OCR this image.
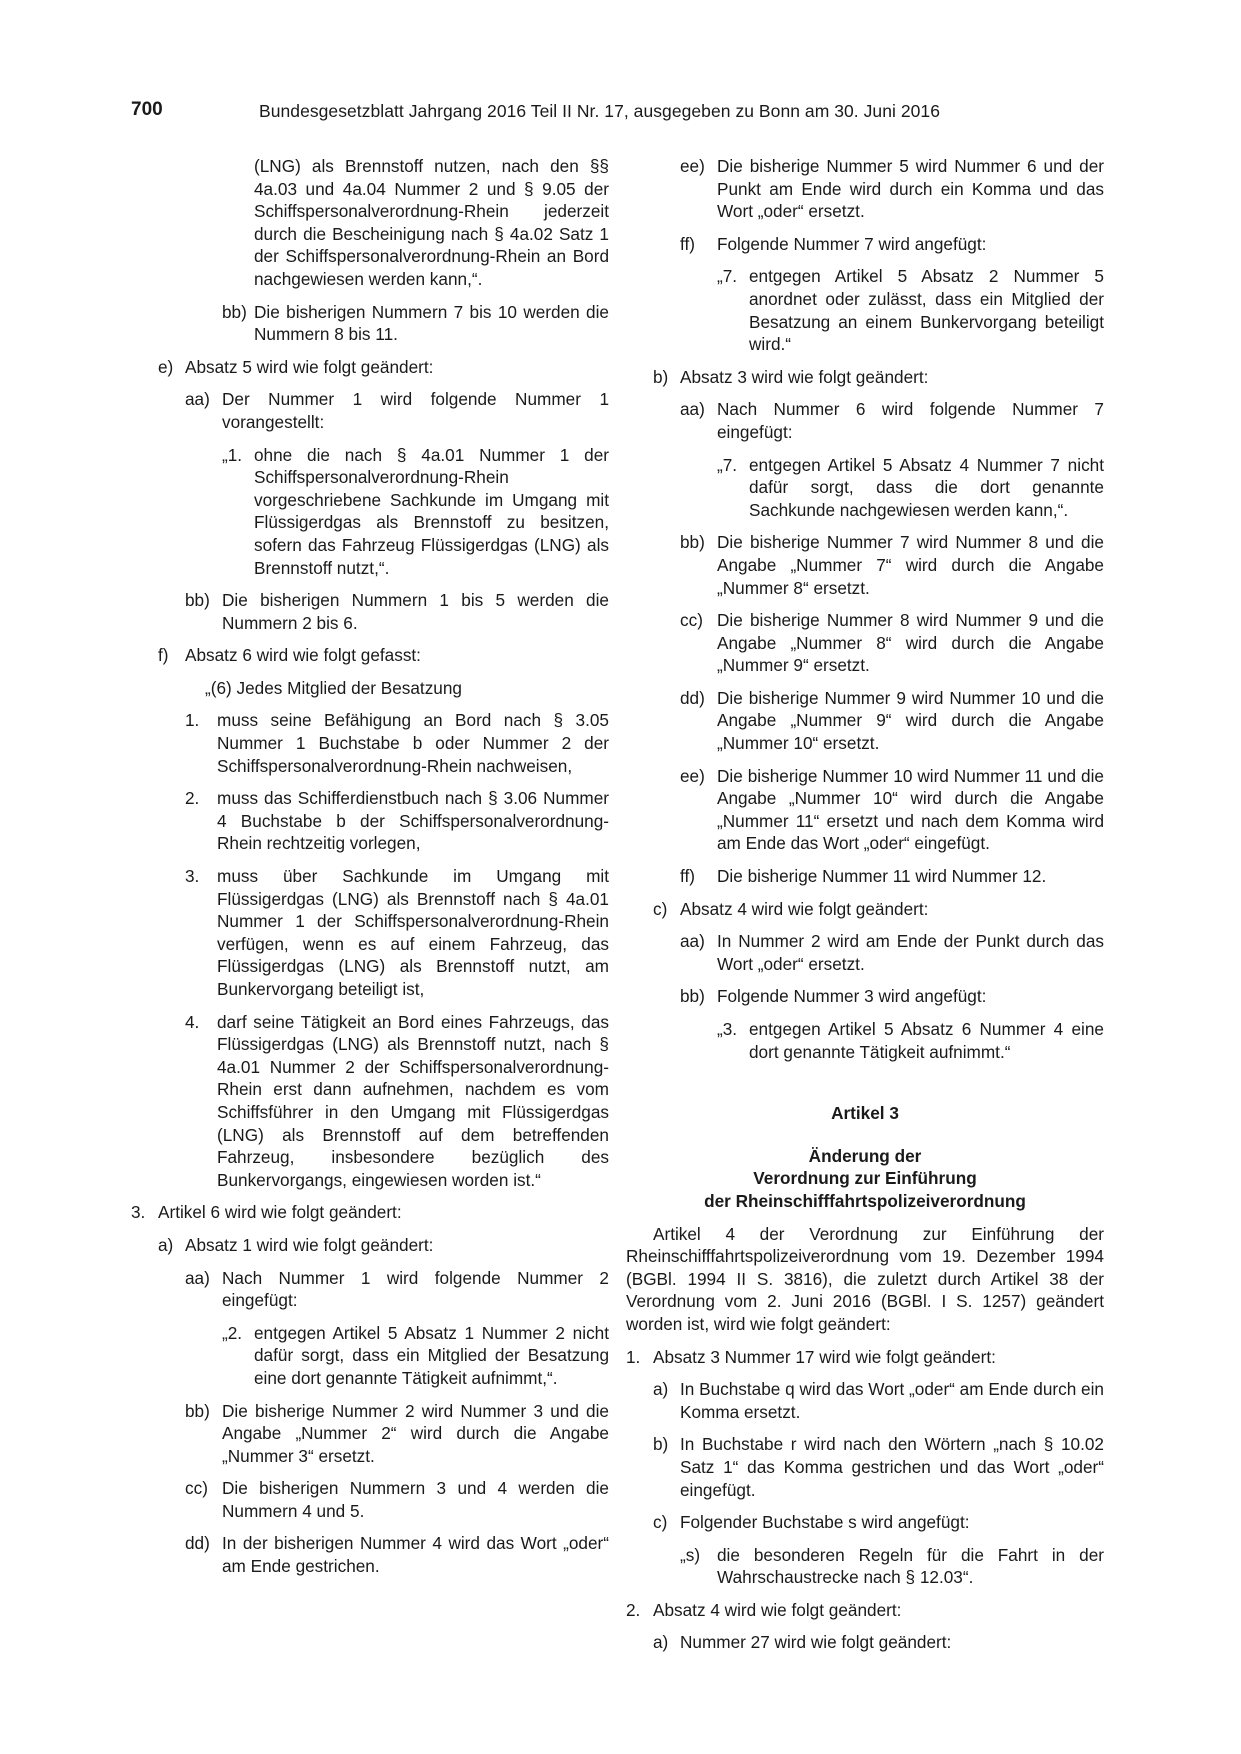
700	Bundesgesetzblatt Jahrgang 2016 Teil II Nr. 17, ausgegeben zu Bonn am 30. Juni 2016
(LNG) als Brennstoff nutzen, nach den §§ 4a.03 und 4a.04 Nummer 2 und § 9.05 der Schiffspersonalverordnung-Rhein jederzeit durch die Bescheinigung nach § 4a.02 Satz 1 der Schiffspersonalverordnung-Rhein an Bord nachgewiesen werden kann,“.
bb) Die bisherigen Nummern 7 bis 10 werden die Nummern 8 bis 11.
e) Absatz 5 wird wie folgt geändert:
aa) Der Nummer 1 wird folgende Nummer 1 vorangestellt:
„1. ohne die nach § 4a.01 Nummer 1 der Schiffspersonalverordnung-Rhein vorgeschriebene Sachkunde im Umgang mit Flüssigerdgas als Brennstoff zu besitzen, sofern das Fahrzeug Flüssigerdgas (LNG) als Brennstoff nutzt,“.
bb) Die bisherigen Nummern 1 bis 5 werden die Nummern 2 bis 6.
f) Absatz 6 wird wie folgt gefasst:
„(6) Jedes Mitglied der Besatzung
1. muss seine Befähigung an Bord nach § 3.05 Nummer 1 Buchstabe b oder Nummer 2 der Schiffspersonalverordnung-Rhein nachweisen,
2. muss das Schifferdienstbuch nach § 3.06 Nummer 4 Buchstabe b der Schiffspersonalverordnung-Rhein rechtzeitig vorlegen,
3. muss über Sachkunde im Umgang mit Flüssigerdgas (LNG) als Brennstoff nach § 4a.01 Nummer 1 der Schiffspersonalverordnung-Rhein verfügen, wenn es auf einem Fahrzeug, das Flüssigerdgas (LNG) als Brennstoff nutzt, am Bunkervorgang beteiligt ist,
4. darf seine Tätigkeit an Bord eines Fahrzeugs, das Flüssigerdgas (LNG) als Brennstoff nutzt, nach § 4a.01 Nummer 2 der Schiffspersonalverordnung-Rhein erst dann aufnehmen, nachdem es vom Schiffsführer in den Umgang mit Flüssigerdgas (LNG) als Brennstoff auf dem betreffenden Fahrzeug, insbesondere bezüglich des Bunkervorgangs, eingewiesen worden ist.“
3. Artikel 6 wird wie folgt geändert:
a) Absatz 1 wird wie folgt geändert:
aa) Nach Nummer 1 wird folgende Nummer 2 eingefügt:
„2. entgegen Artikel 5 Absatz 1 Nummer 2 nicht dafür sorgt, dass ein Mitglied der Besatzung eine dort genannte Tätigkeit aufnimmt,“.
bb) Die bisherige Nummer 2 wird Nummer 3 und die Angabe „Nummer 2“ wird durch die Angabe „Nummer 3“ ersetzt.
cc) Die bisherigen Nummern 3 und 4 werden die Nummern 4 und 5.
dd) In der bisherigen Nummer 4 wird das Wort „oder“ am Ende gestrichen.
ee) Die bisherige Nummer 5 wird Nummer 6 und der Punkt am Ende wird durch ein Komma und das Wort „oder“ ersetzt.
ff) Folgende Nummer 7 wird angefügt:
„7. entgegen Artikel 5 Absatz 2 Nummer 5 anordnet oder zulässt, dass ein Mitglied der Besatzung an einem Bunkervorgang beteiligt wird.“
b) Absatz 3 wird wie folgt geändert:
aa) Nach Nummer 6 wird folgende Nummer 7 eingefügt:
„7. entgegen Artikel 5 Absatz 4 Nummer 7 nicht dafür sorgt, dass die dort genannte Sachkunde nachgewiesen werden kann,“.
bb) Die bisherige Nummer 7 wird Nummer 8 und die Angabe „Nummer 7“ wird durch die Angabe „Nummer 8“ ersetzt.
cc) Die bisherige Nummer 8 wird Nummer 9 und die Angabe „Nummer 8“ wird durch die Angabe „Nummer 9“ ersetzt.
dd) Die bisherige Nummer 9 wird Nummer 10 und die Angabe „Nummer 9“ wird durch die Angabe „Nummer 10“ ersetzt.
ee) Die bisherige Nummer 10 wird Nummer 11 und die Angabe „Nummer 10“ wird durch die Angabe „Nummer 11“ ersetzt und nach dem Komma wird am Ende das Wort „oder“ eingefügt.
ff) Die bisherige Nummer 11 wird Nummer 12.
c) Absatz 4 wird wie folgt geändert:
aa) In Nummer 2 wird am Ende der Punkt durch das Wort „oder“ ersetzt.
bb) Folgende Nummer 3 wird angefügt:
„3. entgegen Artikel 5 Absatz 6 Nummer 4 eine dort genannte Tätigkeit aufnimmt.“
Artikel 3
Änderung der
Verordnung zur Einführung
der Rheinschifffahrtspolizeiverordnung
Artikel 4 der Verordnung zur Einführung der Rheinschifffahrtspolizeiverordnung vom 19. Dezember 1994 (BGBl. 1994 II S. 3816), die zuletzt durch Artikel 38 der Verordnung vom 2. Juni 2016 (BGBl. I S. 1257) geändert worden ist, wird wie folgt geändert:
1. Absatz 3 Nummer 17 wird wie folgt geändert:
a) In Buchstabe q wird das Wort „oder“ am Ende durch ein Komma ersetzt.
b) In Buchstabe r wird nach den Wörtern „nach § 10.02 Satz 1“ das Komma gestrichen und das Wort „oder“ eingefügt.
c) Folgender Buchstabe s wird angefügt:
„s) die besonderen Regeln für die Fahrt in der Wahrschaustrecke nach § 12.03“.
2. Absatz 4 wird wie folgt geändert:
a) Nummer 27 wird wie folgt geändert:
